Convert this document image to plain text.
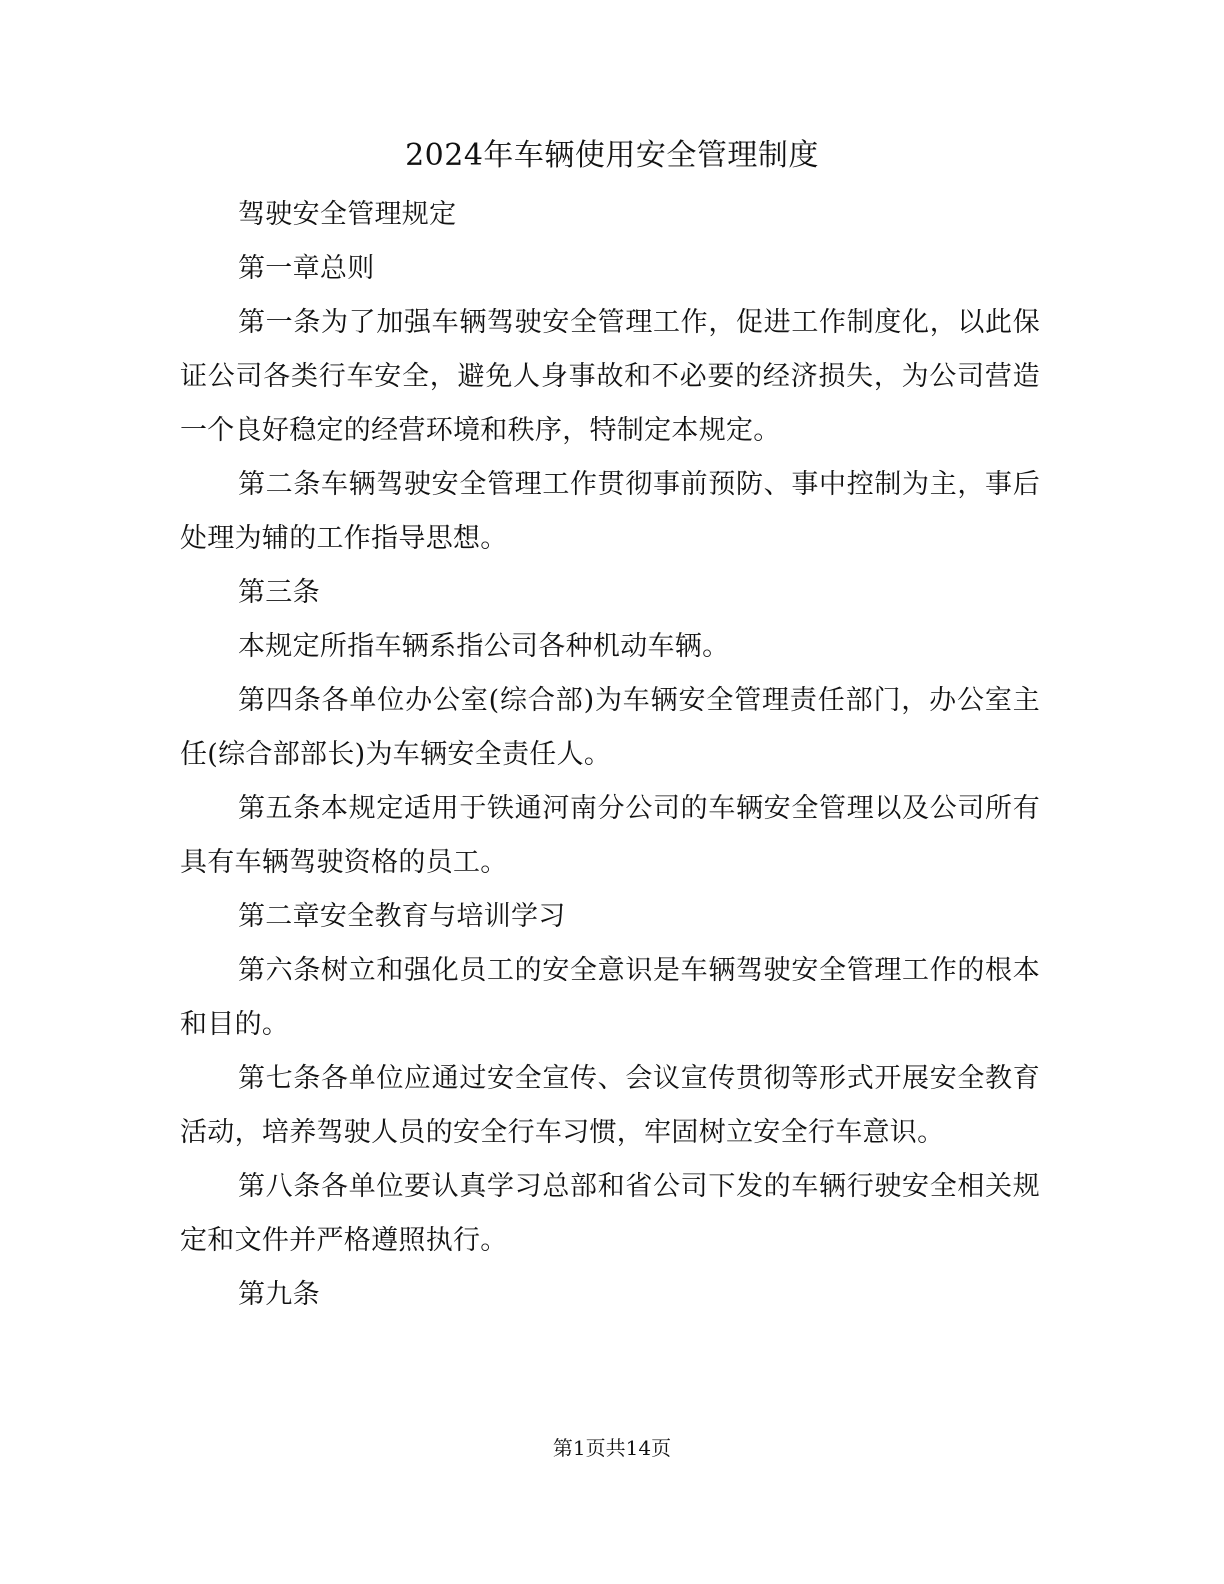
2024年车辆使用安全管理制度

驾驶安全管理规定

第一章总则

第一条为了加强车辆驾驶安全管理工作，促进工作制度化，以此保证公司各类行车安全，避免人身事故和不必要的经济损失，为公司营造一个良好稳定的经营环境和秩序，特制定本规定。

第二条车辆驾驶安全管理工作贯彻事前预防、事中控制为主，事后处理为辅的工作指导思想。

第三条

本规定所指车辆系指公司各种机动车辆。

第四条各单位办公室(综合部)为车辆安全管理责任部门，办公室主任(综合部部长)为车辆安全责任人。

第五条本规定适用于铁通河南分公司的车辆安全管理以及公司所有具有车辆驾驶资格的员工。

第二章安全教育与培训学习

第六条树立和强化员工的安全意识是车辆驾驶安全管理工作的根本和目的。

第七条各单位应通过安全宣传、会议宣传贯彻等形式开展安全教育活动，培养驾驶人员的安全行车习惯，牢固树立安全行车意识。

第八条各单位要认真学习总部和省公司下发的车辆行驶安全相关规定和文件并严格遵照执行。

第九条

第1页共14页
